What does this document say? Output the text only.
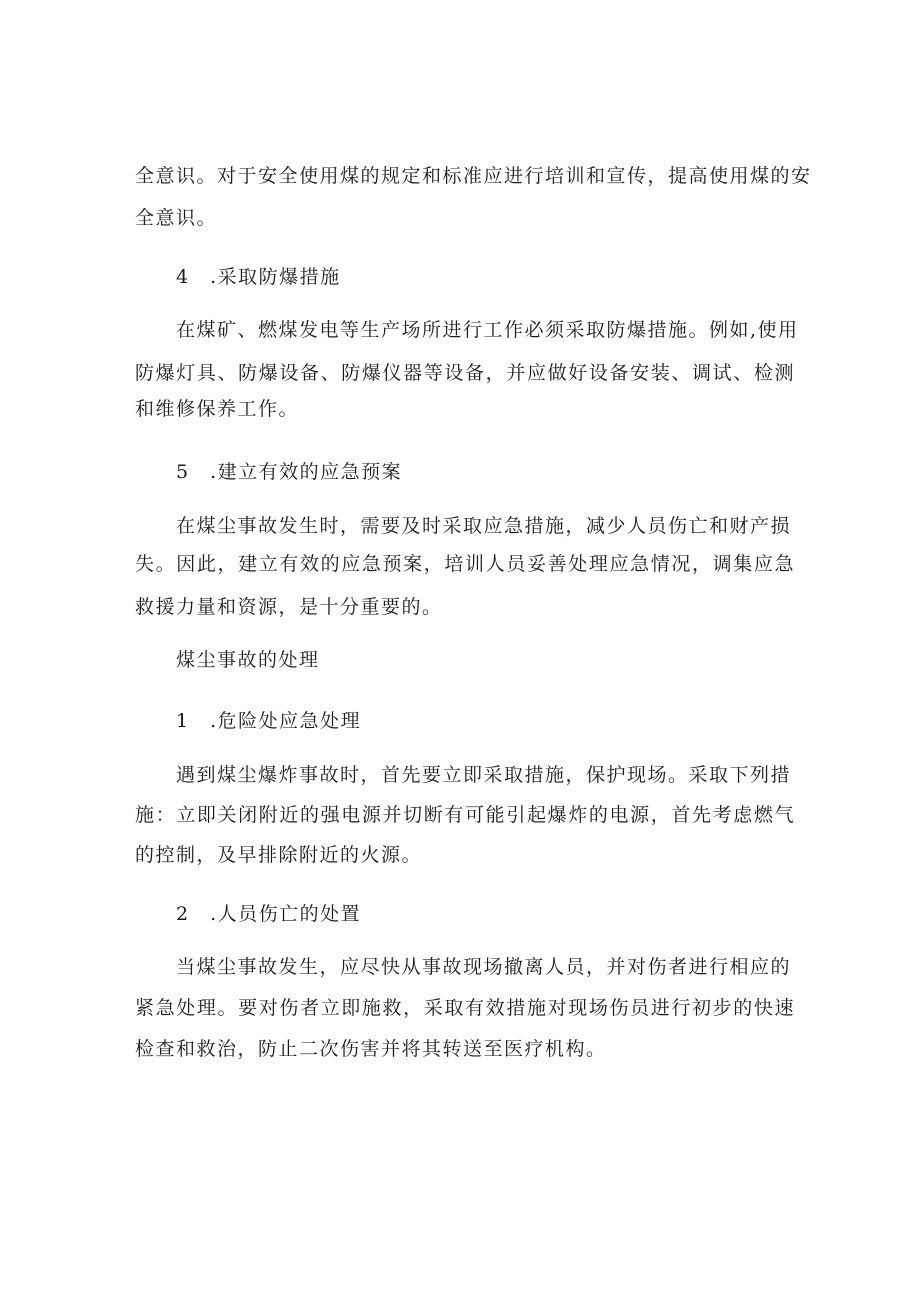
全意识。对于安全使用煤的规定和标准应进行培训和宣传，提高使用煤的安
全意识。
4　.采取防爆措施
在煤矿、燃煤发电等生产场所进行工作必须采取防爆措施。例如,使用
防爆灯具、防爆设备、防爆仪器等设备，并应做好设备安装、调试、检测
和维修保养工作。
5　.建立有效的应急预案
在煤尘事故发生时，需要及时采取应急措施，减少人员伤亡和财产损
失。因此，建立有效的应急预案，培训人员妥善处理应急情况，调集应急
救援力量和资源，是十分重要的。
煤尘事故的处理
1　.危险处应急处理
遇到煤尘爆炸事故时，首先要立即采取措施，保护现场。采取下列措
施：立即关闭附近的强电源并切断有可能引起爆炸的电源，首先考虑燃气
的控制，及早排除附近的火源。
2　.人员伤亡的处置
当煤尘事故发生，应尽快从事故现场撤离人员，并对伤者进行相应的
紧急处理。要对伤者立即施救，采取有效措施对现场伤员进行初步的快速
检查和救治，防止二次伤害并将其转送至医疗机构。
